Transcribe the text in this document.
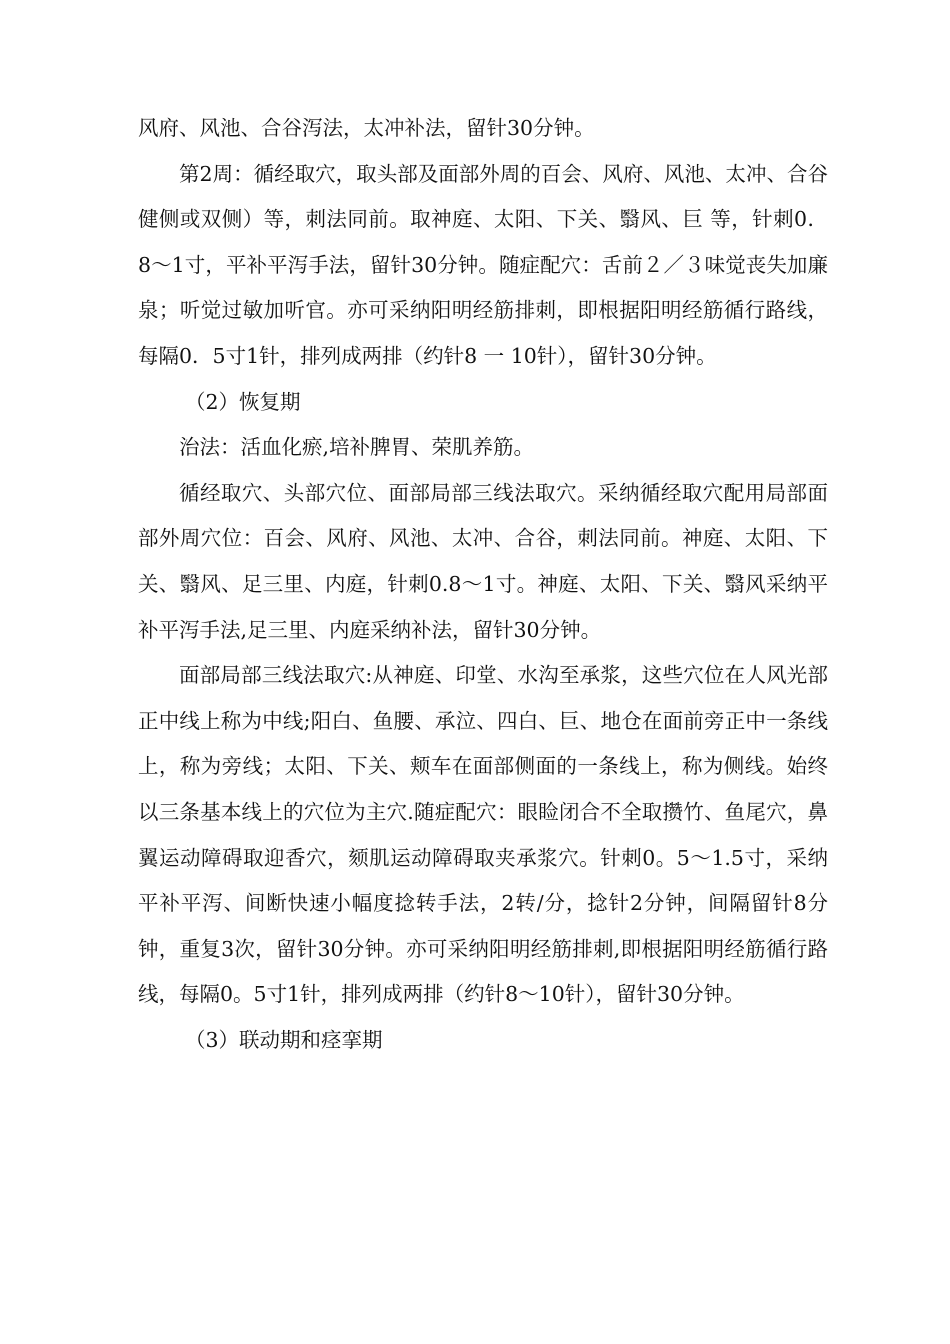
风府、风池、合谷泻法，太冲补法，留针30分钟。

第2周：循经取穴，取头部及面部外周的百会、风府、风池、太冲、合谷健侧或双侧）等，刺法同前。取神庭、太阳、下关、翳风、巨 等，针刺0．8〜1寸，平补平泻手法，留针30分钟。随症配穴：舌前２／３味觉丧失加廉泉；听觉过敏加听官。亦可采纳阳明经筋排刺，即根据阳明经筋循行路线，每隔0．5寸1针，排列成两排（约针8 一 10针），留针30分钟。

（2）恢复期

治法：活血化瘀,培补脾胃、荣肌养筋。

循经取穴、头部穴位、面部局部三线法取穴。采纳循经取穴配用局部面部外周穴位：百会、风府、风池、太冲、合谷，刺法同前。神庭、太阳、下关、翳风、足三里、内庭，针刺0.8〜1寸。神庭、太阳、下关、翳风采纳平补平泻手法,足三里、内庭采纳补法，留针30分钟。

面部局部三线法取穴:从神庭、印堂、水沟至承浆，这些穴位在人风光部正中线上称为中线;阳白、鱼腰、承泣、四白、巨、地仓在面前旁正中一条线上，称为旁线；太阳、下关、颊车在面部侧面的一条线上，称为侧线。始终以三条基本线上的穴位为主穴.随症配穴：眼睑闭合不全取攒竹、鱼尾穴，鼻翼运动障碍取迎香穴，颏肌运动障碍取夹承浆穴。针刺0。5〜1.5寸，采纳平补平泻、间断快速小幅度捻转手法，2转/分，捻针2分钟，间隔留针8分钟，重复3次，留针30分钟。亦可采纳阳明经筋排刺,即根据阳明经筋循行路线，每隔0。5寸1针，排列成两排（约针8〜10针），留针30分钟。

（3）联动期和痉挛期
